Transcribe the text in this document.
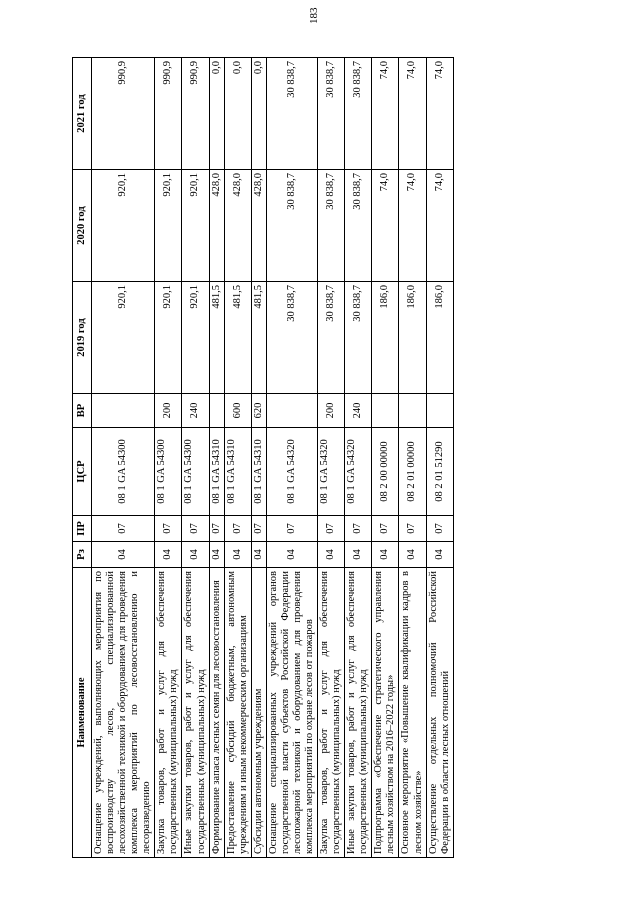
183
Наименование	Рз	ПР	ЦСР	ВР	2019 год	2020 год	2021 год
Оснащение учреждений, выполняющих мероприятия по воспроизводству лесов, специализированной лесохозяйственной техникой и оборудованием для проведения комплекса мероприятий по лесовосстановлению и лесоразведению	04	07	08 1 GA 54300		920,1	920,1	990,9
Закупка товаров, работ и услуг для обеспечения государственных (муниципальных) нужд	04	07	08 1 GA 54300	200	920,1	920,1	990,9
Иные закупки товаров, работ и услуг для обеспечения государственных (муниципальных) нужд	04	07	08 1 GA 54300	240	920,1	920,1	990,9
Формирование запаса лесных семян для лесовосстановления	04	07	08 1 GA 54310		481,5	428,0	0,0
Предоставление субсидий бюджетным, автономным учреждениям и иным некоммерческим организациям	04	07	08 1 GA 54310	600	481,5	428,0	0,0
Субсидии автономным учреждениям	04	07	08 1 GA 54310	620	481,5	428,0	0,0
Оснащение специализированных учреждений органов государственной власти субъектов Российской Федерации лесопожарной техникой и оборудованием для проведения комплекса мероприятий по охране лесов от пожаров	04	07	08 1 GA 54320		30 838,7	30 838,7	30 838,7
Закупка товаров, работ и услуг для обеспечения государственных (муниципальных) нужд	04	07	08 1 GA 54320	200	30 838,7	30 838,7	30 838,7
Иные закупки товаров, работ и услуг для обеспечения государственных (муниципальных) нужд	04	07	08 1 GA 54320	240	30 838,7	30 838,7	30 838,7
Подпрограмма «Обеспечение стратегического управления лесным хозяйством на 2016–2022 годы»	04	07	08 2 00 00000		186,0	74,0	74,0
Основное мероприятие «Повышение квалификации кадров в лесном хозяйстве»	04	07	08 2 01 00000		186,0	74,0	74,0
Осуществление отдельных полномочий Российской Федерации в области лесных отношений	04	07	08 2 01 51290		186,0	74,0	74,0
